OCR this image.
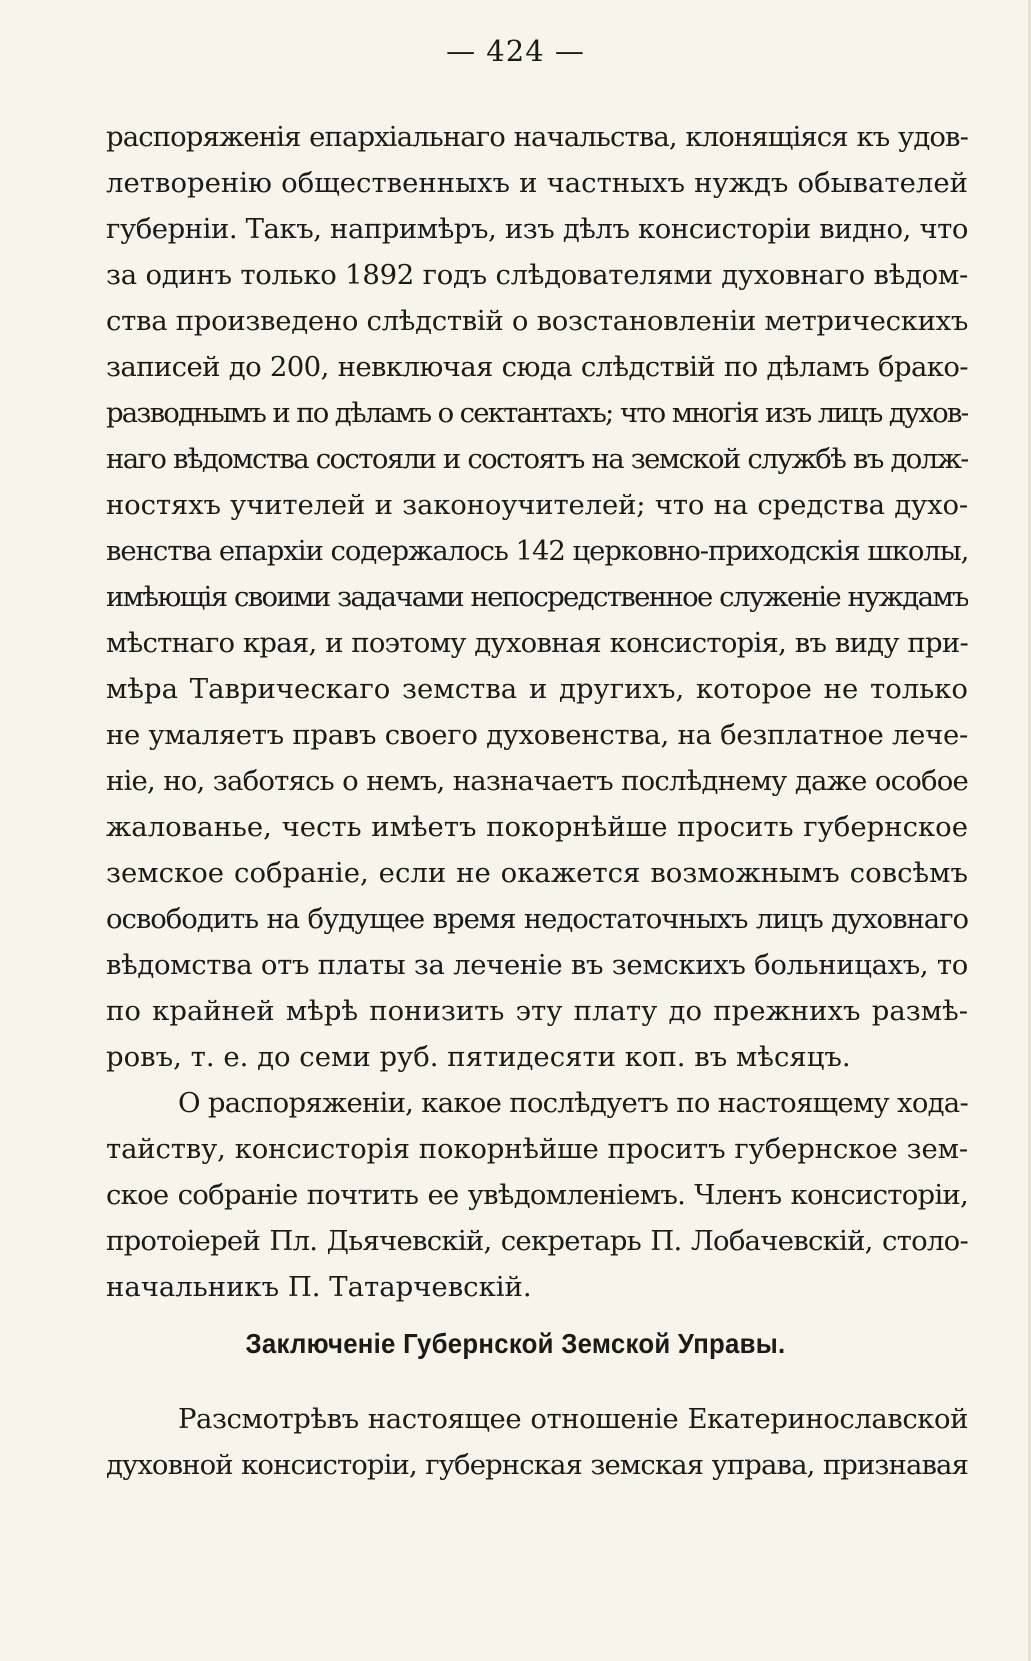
— 424 —
распоряженія епархіальнаго начальства, клонящіяся къ удов-
летворенію общественныхъ и частныхъ нуждъ обывателей
губерніи. Такъ, напримѣръ, изъ дѣлъ консисторіи видно, что
за одинъ только 1892 годъ слѣдователями духовнаго вѣдом-
ства произведено слѣдствій о возстановленіи метрическихъ
записей до 200, невключая сюда слѣдствій по дѣламъ брако-
разводнымъ и по дѣламъ о сектантахъ; что многія изъ лицъ духов-
наго вѣдомства состояли и состоятъ на земской службѣ въ долж-
ностяхъ учителей и законоучителей; что на средства духо-
венства епархіи содержалось 142 церковно-приходскія школы,
имѣющія своими задачами непосредственное служеніе нуждамъ
мѣстнаго края, и поэтому духовная консисторія, въ виду при-
мѣра Таврическаго земства и другихъ, которое не только
не умаляетъ правъ своего духовенства, на безплатное лече-
ніе, но, заботясь о немъ, назначаетъ послѣднему даже особое
жалованье, честь имѣетъ покорнѣйше просить губернское
земское собраніе, если не окажется возможнымъ совсѣмъ
освободить на будущее время недостаточныхъ лицъ духовнаго
вѣдомства отъ платы за леченіе въ земскихъ больницахъ, то
по крайней мѣрѣ понизить эту плату до прежнихъ размѣ-
ровъ, т. е. до семи руб. пятидесяти коп. въ мѣсяцъ.
О распоряженіи, какое послѣдуетъ по настоящему хода-
тайству, консисторія покорнѣйше проситъ губернское зем-
ское собраніе почтить ее увѣдомленіемъ. Членъ консисторіи,
протоіерей Пл. Дьячевскій, секретарь П. Лобачевскій, столо-
начальникъ П. Татарчевскій.
Заключеніе Губернской Земской Управы.
Разсмотрѣвъ настоящее отношеніе Екатеринославской
духовной консисторіи, губернская земская управа, признавая
